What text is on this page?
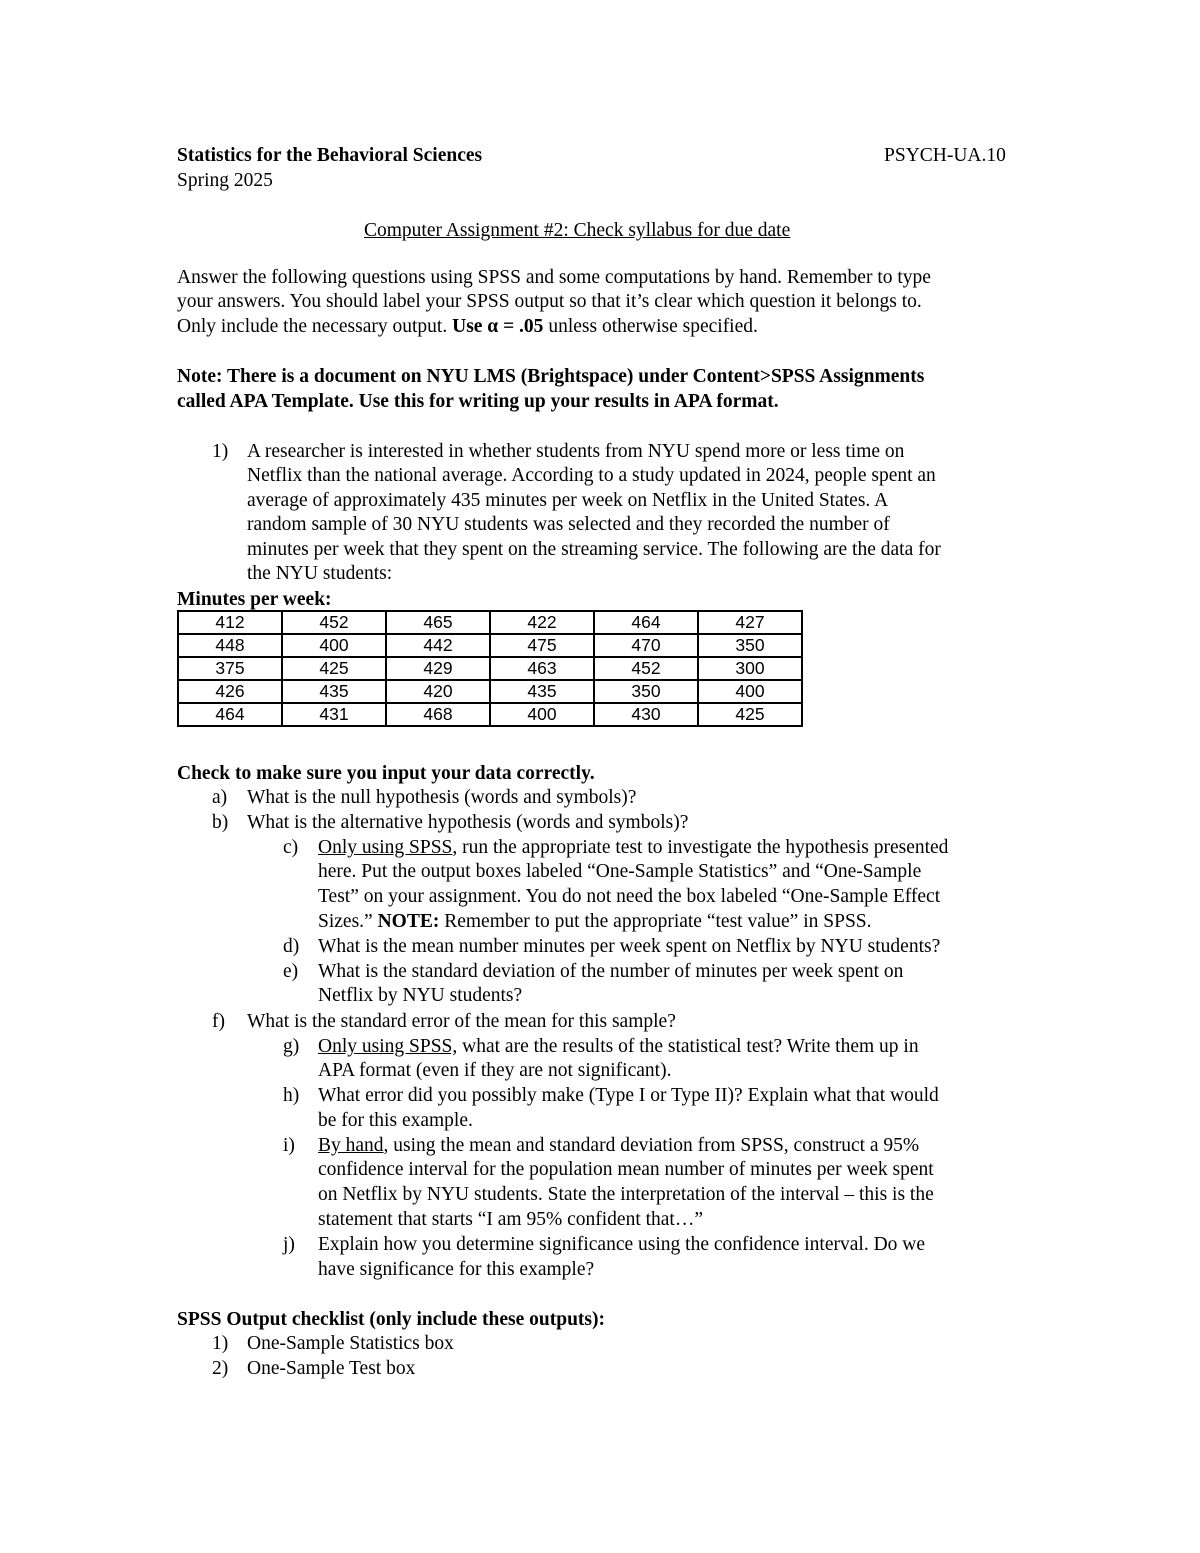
Statistics for the Behavioral Sciences	PSYCH-UA.10
Spring 2025
Computer Assignment #2: Check syllabus for due date
Answer the following questions using SPSS and some computations by hand. Remember to type
your answers. You should label your SPSS output so that it’s clear which question it belongs to.
Only include the necessary output. Use α = .05 unless otherwise specified.
Note: There is a document on NYU LMS (Brightspace) under Content>SPSS Assignments
called APA Template. Use this for writing up your results in APA format.
1) A researcher is interested in whether students from NYU spend more or less time on
Netflix than the national average. According to a study updated in 2024, people spent an
average of approximately 435 minutes per week on Netflix in the United States. A
random sample of 30 NYU students was selected and they recorded the number of
minutes per week that they spent on the streaming service. The following are the data for
the NYU students:
Minutes per week:
412	452	465	422	464	427
448	400	442	475	470	350
375	425	429	463	452	300
426	435	420	435	350	400
464	431	468	400	430	425
Check to make sure you input your data correctly.
a) What is the null hypothesis (words and symbols)?
b) What is the alternative hypothesis (words and symbols)?
c) Only using SPSS, run the appropriate test to investigate the hypothesis presented
here. Put the output boxes labeled “One-Sample Statistics” and “One-Sample
Test” on your assignment. You do not need the box labeled “One-Sample Effect
Sizes.” NOTE: Remember to put the appropriate “test value” in SPSS.
d) What is the mean number minutes per week spent on Netflix by NYU students?
e) What is the standard deviation of the number of minutes per week spent on
Netflix by NYU students?
f) What is the standard error of the mean for this sample?
g) Only using SPSS, what are the results of the statistical test? Write them up in
APA format (even if they are not significant).
h) What error did you possibly make (Type I or Type II)? Explain what that would
be for this example.
i) By hand, using the mean and standard deviation from SPSS, construct a 95%
confidence interval for the population mean number of minutes per week spent
on Netflix by NYU students. State the interpretation of the interval – this is the
statement that starts “I am 95% confident that…”
j) Explain how you determine significance using the confidence interval. Do we
have significance for this example?
SPSS Output checklist (only include these outputs):
1) One-Sample Statistics box
2) One-Sample Test box
